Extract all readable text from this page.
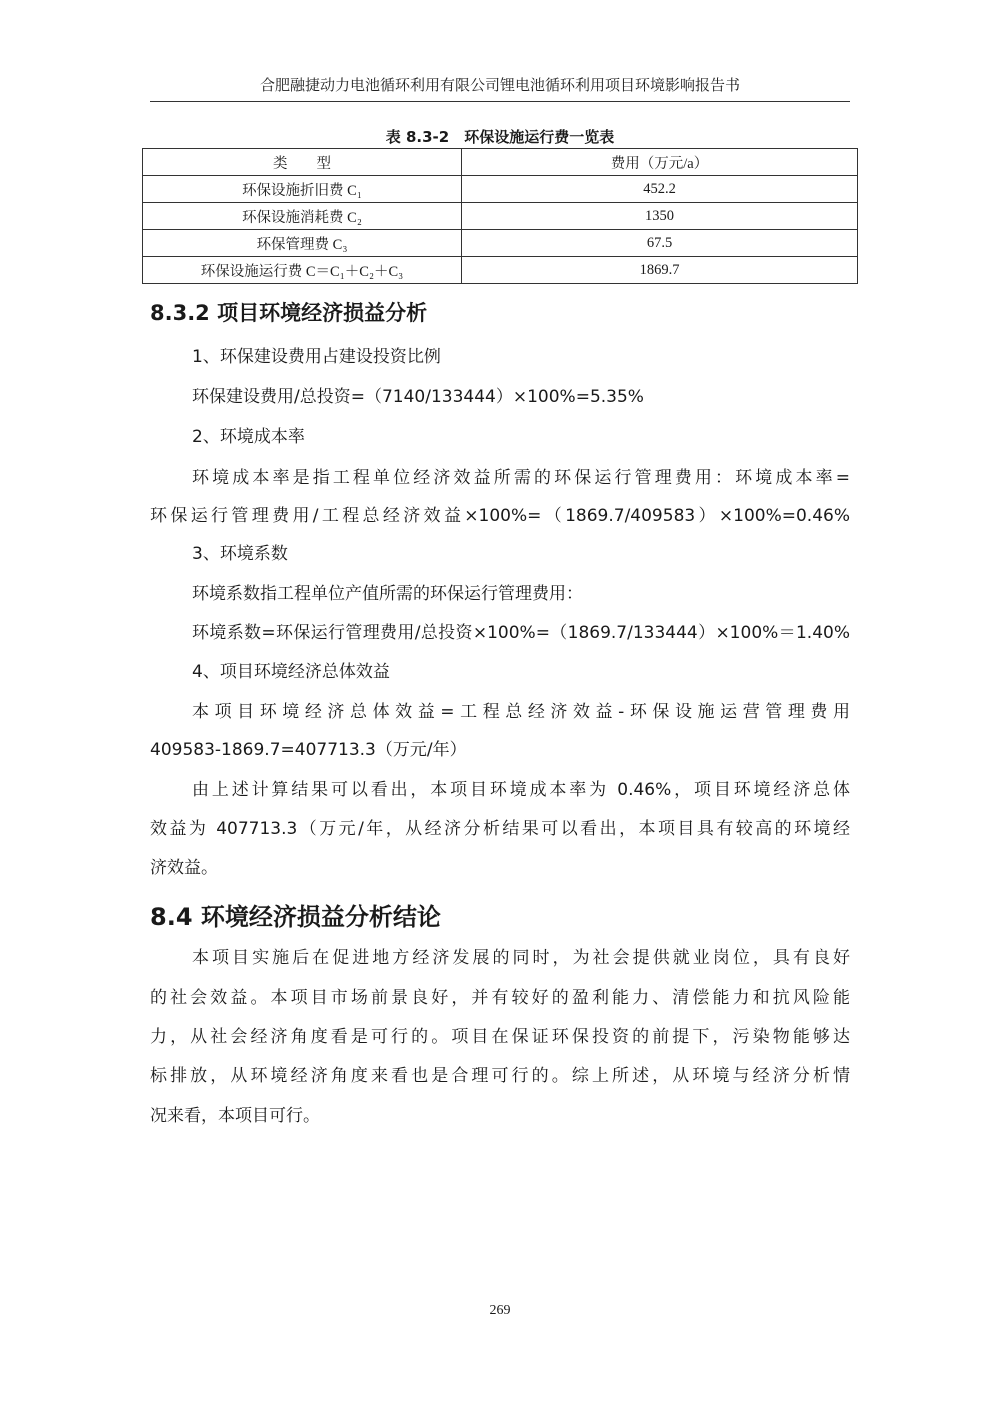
合肥融捷动力电池循环利用有限公司锂电池循环利用项目环境影响报告书
表 8.3-2　环保设施运行费一览表
类　　型	费用（万元/a）
环保设施折旧费 C₁	452.2
环保设施消耗费 C₂	1350
环保管理费 C₃	67.5
环保设施运行费 C＝C₁＋C₂＋C₃	1869.7
8.3.2 项目环境经济损益分析
1、环保建设费用占建设投资比例
环保建设费用/总投资=（7140/133444）×100%=5.35%
2、环境成本率
环境成本率是指工程单位经济效益所需的环保运行管理费用：环境成本率=
环保运行管理费用/工程总经济效益×100%=（1869.7/409583）×100%=0.46%
3、环境系数
环境系数指工程单位产值所需的环保运行管理费用：
环境系数=环保运行管理费用/总投资×100%=（1869.7/133444）×100%＝1.40%
4、项目环境经济总体效益
本项目环境经济总体效益=工程总经济效益-环保设施运营管理费用
409583-1869.7=407713.3（万元/年）
由上述计算结果可以看出，本项目环境成本率为 0.46%，项目环境经济总体
效益为 407713.3（万元/年，从经济分析结果可以看出，本项目具有较高的环境经
济效益。
8.4 环境经济损益分析结论
本项目实施后在促进地方经济发展的同时，为社会提供就业岗位，具有良好
的社会效益。本项目市场前景良好，并有较好的盈利能力、清偿能力和抗风险能
力，从社会经济角度看是可行的。项目在保证环保投资的前提下，污染物能够达
标排放，从环境经济角度来看也是合理可行的。综上所述，从环境与经济分析情
况来看，本项目可行。
269
